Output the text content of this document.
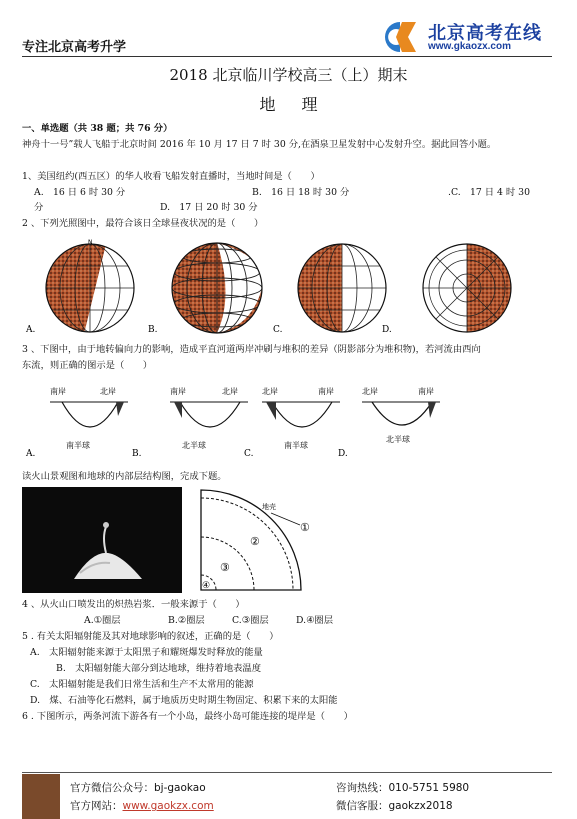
专注北京高考升学
北京高考在线
www.gkaozx.com
2018 北京临川学校高三（上）期末
地理
一、单选题（共 38 题；共 76 分）
神舟十一号”载人飞船于北京时间 2016 年 10 月 17 日 7 时 30 分,在酒泉卫星发射中心发射升空。据此回答小题。
1、美国纽约(西五区）的华人收看飞船发射直播时，当地时间是（　　）
A.　16 日 6 时 30 分	B.　16 日 18 时 30 分	.C.　17 日 4 时 30
分	D.　17 日 20 时 30 分
2 、下列光照图中，最符合该日全球昼夜状况的是（　　）
N
A.	B.	C.	D.
3 、下图中，由于地转偏向力的影响，造成平直河道两岸冲刷与堆积的差异（阴影部分为堆积物)，若河流由西向
东流，则正确的图示是（　　）
南岸	北岸
南半球
南岸	北岸
北半球
北岸	南岸
南半球
北岸	南岸
北半球
A.	B.	C.	D.
读火山景观图和地球的内部层结构图，完成下题。
地壳
①
②
③
④
4 、从火山口喷发出的炽热岩浆．一般来源于（　　）
A.①圈层	B.②圈层	C.③圈层	D.④圈层
5 . 有关太阳辐射能及其对地球影响的叙述，正确的是（　　）
A.　太阳辐射能来源于太阳黑子和耀斑爆发时释放的能量
B.　太阳辐射能大部分到达地球，维持着地表温度
C.　太阳辐射能是我们日常生活和生产不太常用的能源
D.　煤、石油等化石燃料，属于地质历史时期生物固定、积累下来的太阳能
6 . 下图所示，两条河流下游各有一个小岛，最终小岛可能连接的堤岸是（　　）
官方微信公众号：bj-gaokao
官方网站：www.gaokzx.com
咨询热线：010-5751 5980
微信客服：gaokzx2018
